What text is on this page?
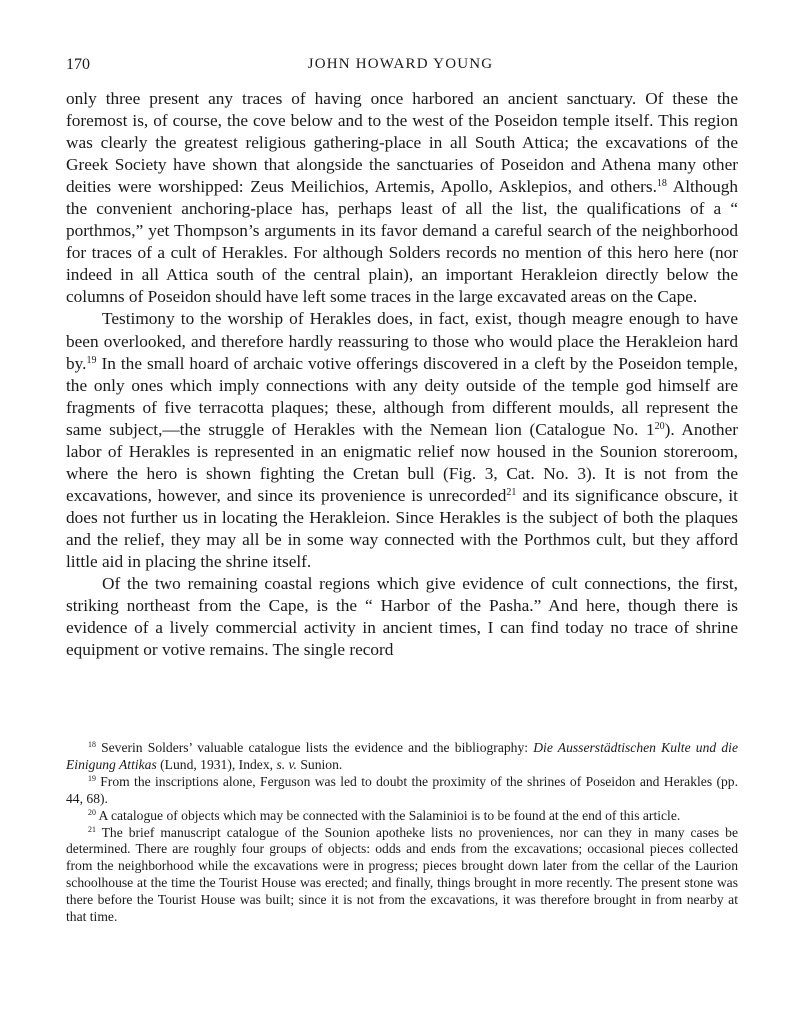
170	JOHN HOWARD YOUNG

only three present any traces of having once harbored an ancient sanctuary. Of these the foremost is, of course, the cove below and to the west of the Poseidon temple itself. This region was clearly the greatest religious gathering-place in all South Attica; the excavations of the Greek Society have shown that alongside the sanctuaries of Poseidon and Athena many other deities were worshipped: Zeus Meilichios, Artemis, Apollo, Asklepios, and others.$^{18}$ Although the convenient anchoring-place has, perhaps least of all the list, the qualifications of a “ porthmos,” yet Thompson’s arguments in its favor demand a careful search of the neighborhood for traces of a cult of Herakles. For although Solders records no mention of this hero here (nor indeed in all Attica south of the central plain), an important Herakleion directly below the columns of Poseidon should have left some traces in the large excavated areas on the Cape.

Testimony to the worship of Herakles does, in fact, exist, though meagre enough to have been overlooked, and therefore hardly reassuring to those who would place the Herakleion hard by.$^{19}$ In the small hoard of archaic votive offerings discovered in a cleft by the Poseidon temple, the only ones which imply connections with any deity outside of the temple god himself are fragments of five terracotta plaques; these, although from different moulds, all represent the same subject,—the struggle of Herakles with the Nemean lion (Catalogue No. $1^{20}$). Another labor of Herakles is represented in an enigmatic relief now housed in the Sounion storeroom, where the hero is shown fighting the Cretan bull (Fig. 3, Cat. No. 3). It is not from the excavations, however, and since its provenience is unrecorded$^{21}$ and its significance obscure, it does not further us in locating the Herakleion. Since Herakles is the subject of both the plaques and the relief, they may all be in some way connected with the Porthmos cult, but they afford little aid in placing the shrine itself.

Of the two remaining coastal regions which give evidence of cult connections, the first, striking northeast from the Cape, is the “ Harbor of the Pasha.” And here, though there is evidence of a lively commercial activity in ancient times, I can find today no trace of shrine equipment or votive remains. The single record

$^{18}$ Severin Solders’ valuable catalogue lists the evidence and the bibliography: Die Ausserstädtischen Kulte und die Einigung Attikas (Lund, 1931), Index, s. v. Sunion.

$^{19}$ From the inscriptions alone, Ferguson was led to doubt the proximity of the shrines of Poseidon and Herakles (pp. 44, 68).

$^{20}$ A catalogue of objects which may be connected with the Salaminioi is to be found at the end of this article.

$^{21}$ The brief manuscript catalogue of the Sounion apotheke lists no proveniences, nor can they in many cases be determined. There are roughly four groups of objects: odds and ends from the excavations; occasional pieces collected from the neighborhood while the excavations were in progress; pieces brought down later from the cellar of the Laurion schoolhouse at the time the Tourist House was erected; and finally, things brought in more recently. The present stone was there before the Tourist House was built; since it is not from the excavations, it was therefore brought in from nearby at that time.
